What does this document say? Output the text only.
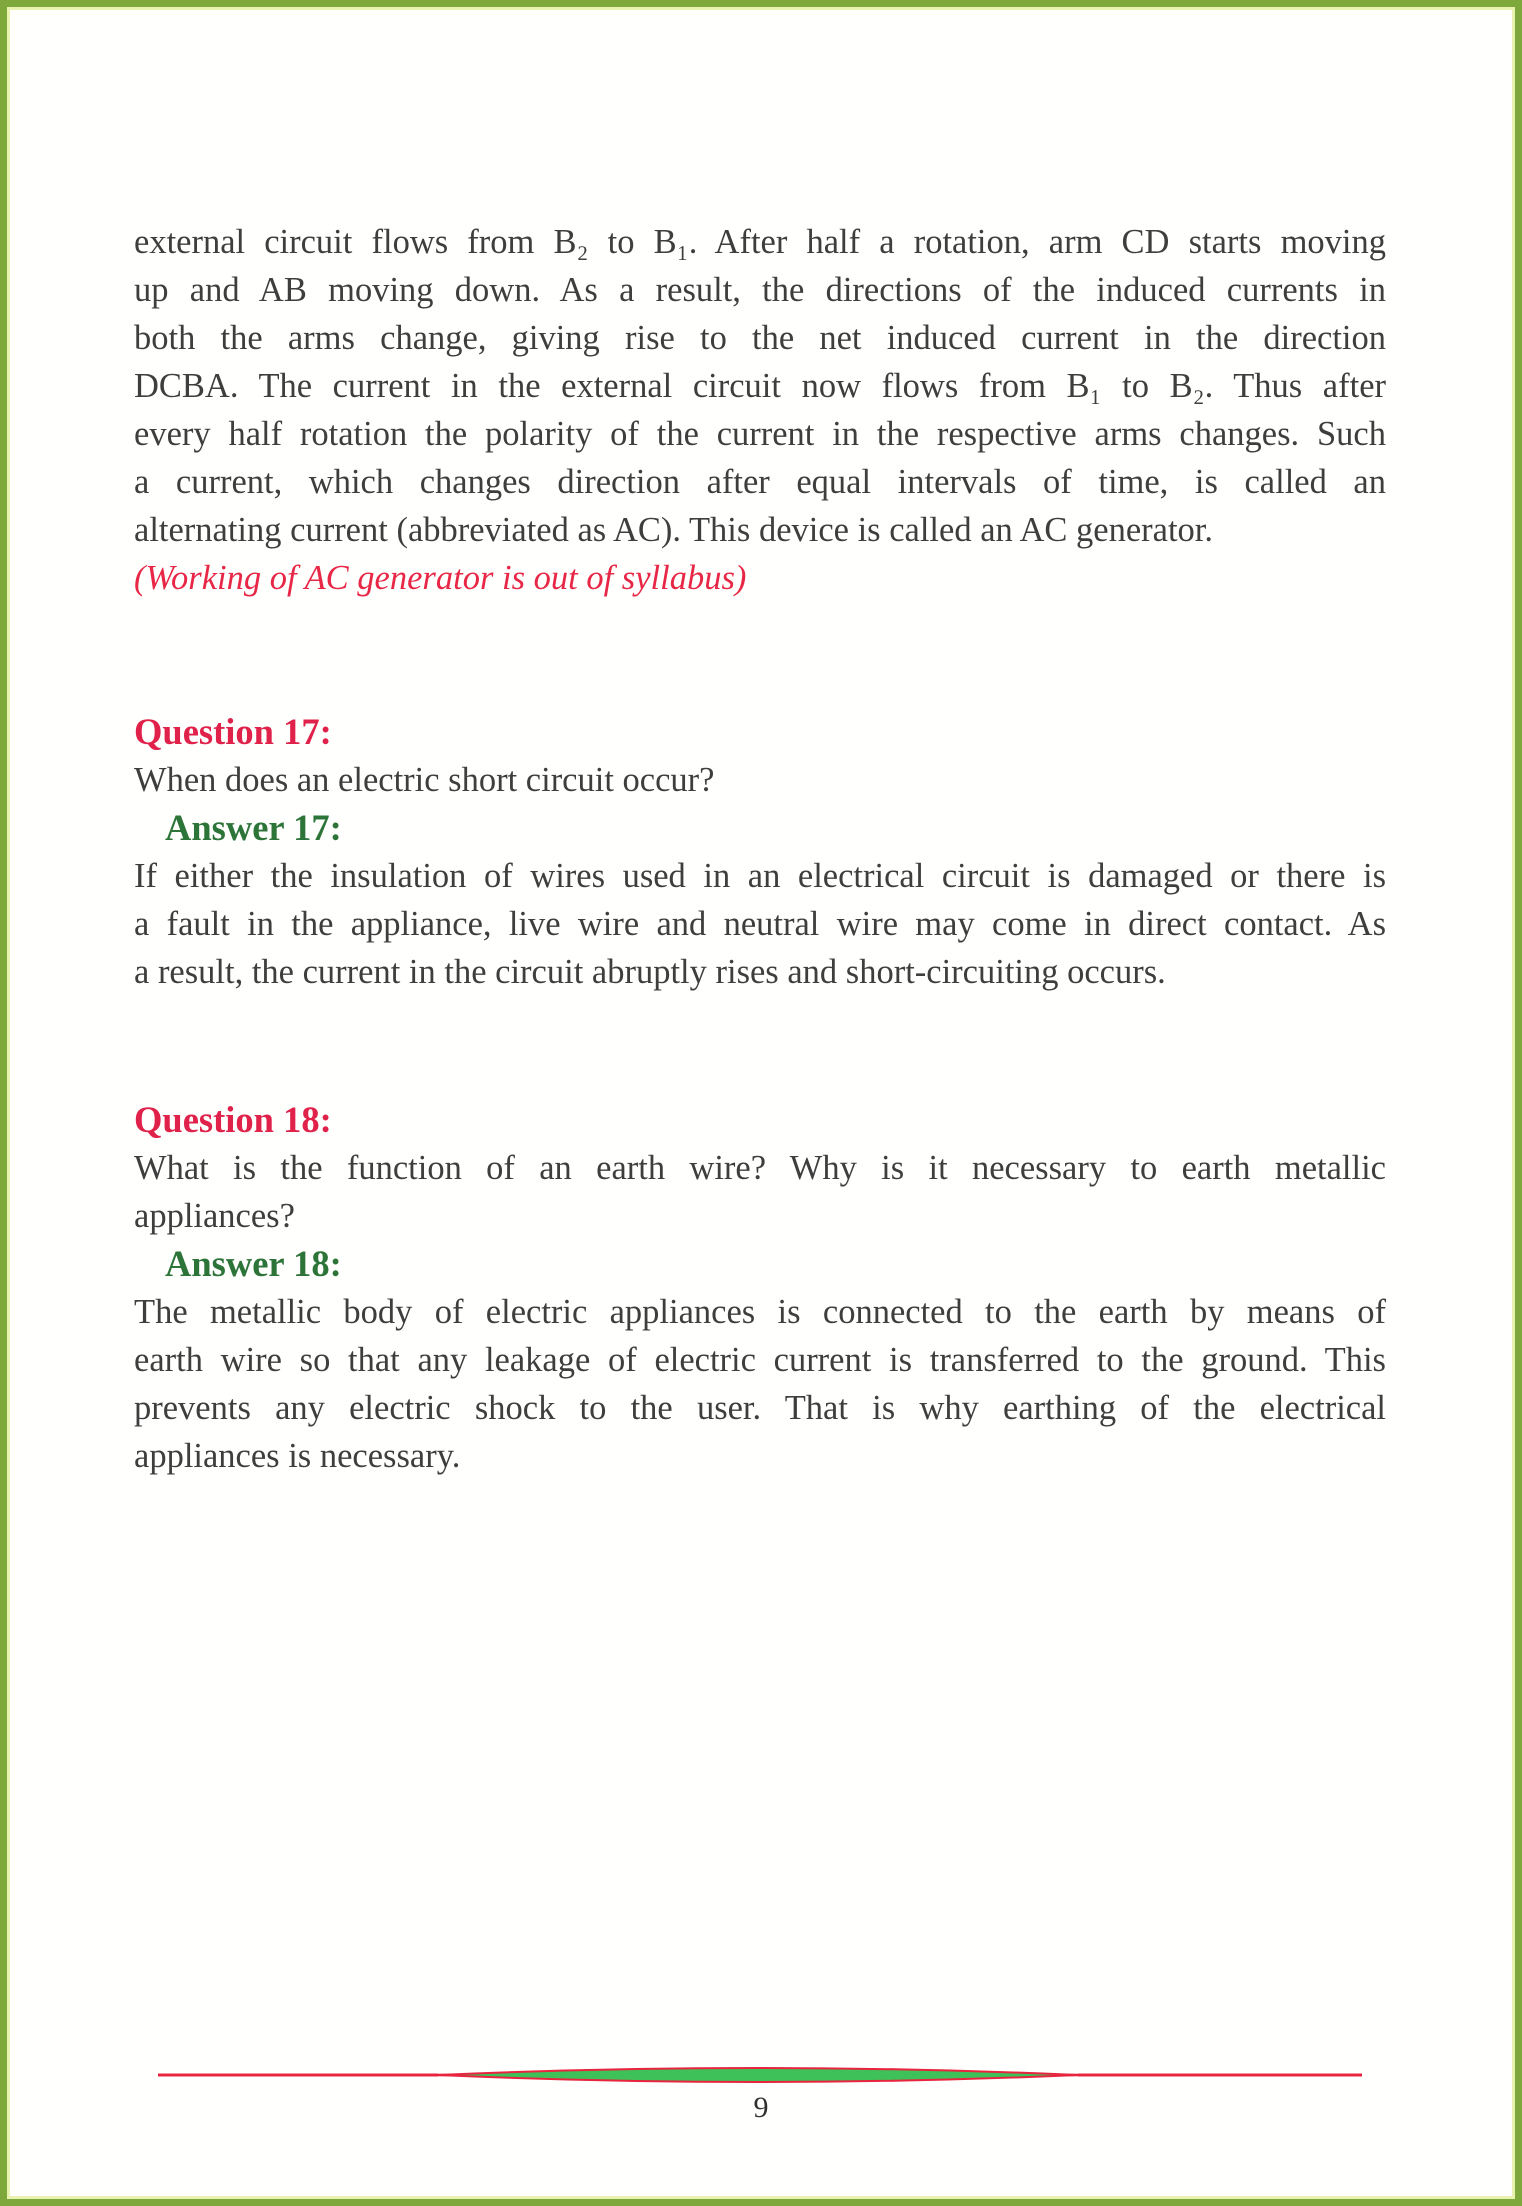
external circuit flows from B₂ to B₁. After half a rotation, arm CD starts moving
up and AB moving down. As a result, the directions of the induced currents in
both the arms change, giving rise to the net induced current in the direction
DCBA. The current in the external circuit now flows from B₁ to B₂. Thus after
every half rotation the polarity of the current in the respective arms changes. Such
a current, which changes direction after equal intervals of time, is called an
alternating current (abbreviated as AC). This device is called an AC generator.
(Working of AC generator is out of syllabus)
Question 17:
When does an electric short circuit occur?
Answer 17:
If either the insulation of wires used in an electrical circuit is damaged or there is
a fault in the appliance, live wire and neutral wire may come in direct contact. As
a result, the current in the circuit abruptly rises and short-circuiting occurs.
Question 18:
What is the function of an earth wire? Why is it necessary to earth metallic
appliances?
Answer 18:
The metallic body of electric appliances is connected to the earth by means of
earth wire so that any leakage of electric current is transferred to the ground. This
prevents any electric shock to the user. That is why earthing of the electrical
appliances is necessary.
9
